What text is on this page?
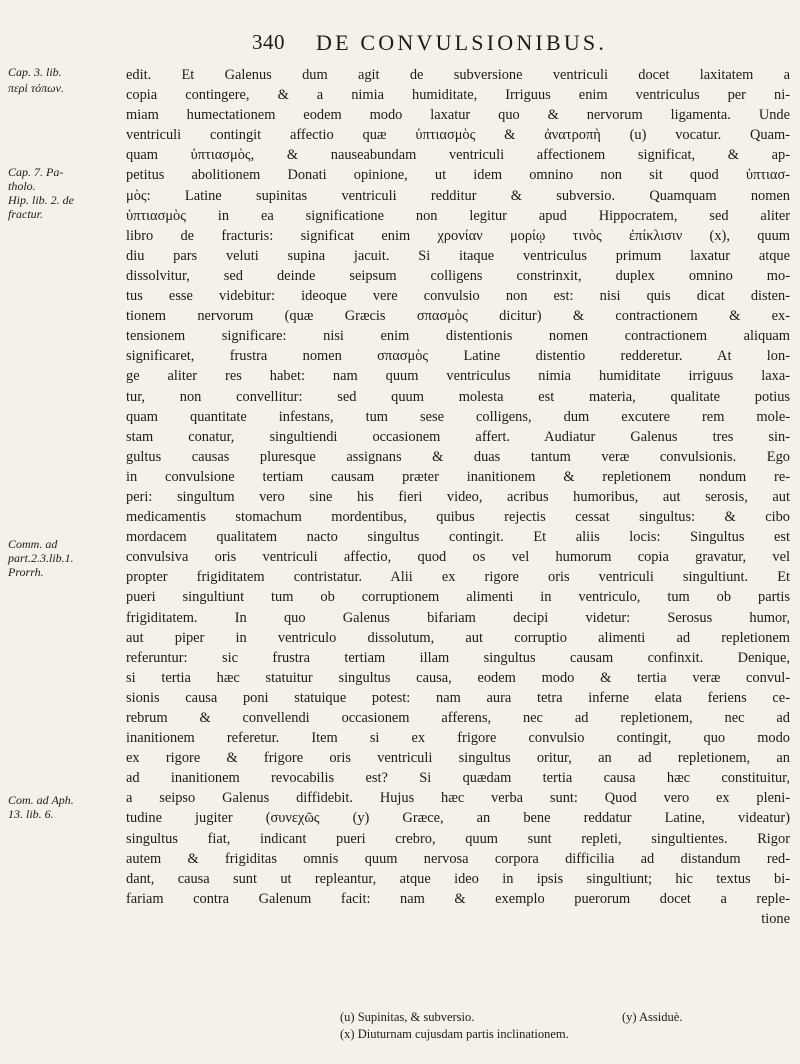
340 DE CONVULSIONIBUS.
Cap. 3. lib.
περὶ τόπων.
Cap. 7. Pa-
tholo.
Hip. lib. 2. de
fractur.
Comm. ad
part.2.3.lib.1.
Prorrh.
Com. ad Aph.
13. lib. 6.
edit. Et Galenus dum agit de subversione ventriculi docet laxitatem a
copia contingere, & a nimia humiditate, Irriguus enim ventriculus per ni-
miam humectationem eodem modo laxatur quo & nervorum ligamenta. Unde
ventriculi contingit affectio quæ ὑπτιασμὸς & ἀνατροπὴ (u) vocatur. Quam-
quam ὑπτιασμὸς, & nauseabundam ventriculi affectionem significat, & ap-
petitus abolitionem Donati opinione, ut idem omnino non sit quod ὑπτιασ-
μὸς: Latine supinitas ventriculi redditur & subversio. Quamquam nomen
ὑπτιασμὸς in ea significatione non legitur apud Hippocratem, sed aliter
libro de fracturis: significat enim χρονίαν μορίῳ τινὸς ἐπίκλισιν (x), quum
diu pars veluti supina jacuit. Si itaque ventriculus primum laxatur atque
dissolvitur, sed deinde seipsum colligens constrinxit, duplex omnino mo-
tus esse videbitur: ideoque vere convulsio non est: nisi quis dicat disten-
tionem nervorum (quæ Græcis σπασμὸς dicitur) & contractionem & ex-
tensionem significare: nisi enim distentionis nomen contractionem aliquam
significaret, frustra nomen σπασμὸς Latine distentio redderetur. At lon-
ge aliter res habet: nam quum ventriculus nimia humiditate irriguus laxa-
tur, non convellitur: sed quum molesta est materia, qualitate potius
quam quantitate infestans, tum sese colligens, dum excutere rem mole-
stam conatur, singultiendi occasionem affert. Audiatur Galenus tres sin-
gultus causas pluresque assignans & duas tantum veræ convulsionis. Ego
in convulsione tertiam causam præter inanitionem & repletionem nondum re-
peri: singultum vero sine his fieri video, acribus humoribus, aut serosis, aut
medicamentis stomachum mordentibus, quibus rejectis cessat singultus: & cibo
mordacem qualitatem nacto singultus contingit. Et aliis locis: Singultus est
convulsiva oris ventriculi affectio, quod os vel humorum copia gravatur, vel
propter frigiditatem contristatur. Alii ex rigore oris ventriculi singultiunt. Et
pueri singultiunt tum ob corruptionem alimenti in ventriculo, tum ob partis
frigiditatem. In quo Galenus bifariam decipi videtur: Serosus humor,
aut piper in ventriculo dissolutum, aut corruptio alimenti ad repletionem
referuntur: sic frustra tertiam illam singultus causam confinxit. Denique,
si tertia hæc statuitur singultus causa, eodem modo & tertia veræ convul-
sionis causa poni statuique potest: nam aura tetra inferne elata feriens ce-
rebrum & convellendi occasionem afferens, nec ad repletionem, nec ad
inanitionem referetur. Item si ex frigore convulsio contingit, quo modo
ex rigore & frigore oris ventriculi singultus oritur, an ad repletionem, an
ad inanitionem revocabilis est? Si quædam tertia causa hæc constituitur,
a seipso Galenus diffidebit. Hujus hæc verba sunt: Quod vero ex pleni-
tudine jugiter (συνεχῶς (y) Græce, an bene reddatur Latine, videatur)
singultus fiat, indicant pueri crebro, quum sunt repleti, singultientes. Rigor
autem & frigiditas omnis quum nervosa corpora difficilia ad distandum red-
dant, causa sunt ut repleantur, atque ideo in ipsis singultiunt; hic textus bi-
fariam contra Galenum facit: nam & exemplo puerorum docet a reple-
tione
(u) Supinitas, & subversio.	(y) Assiduè.
(x) Diuturnam cujusdam partis inclinationem.
